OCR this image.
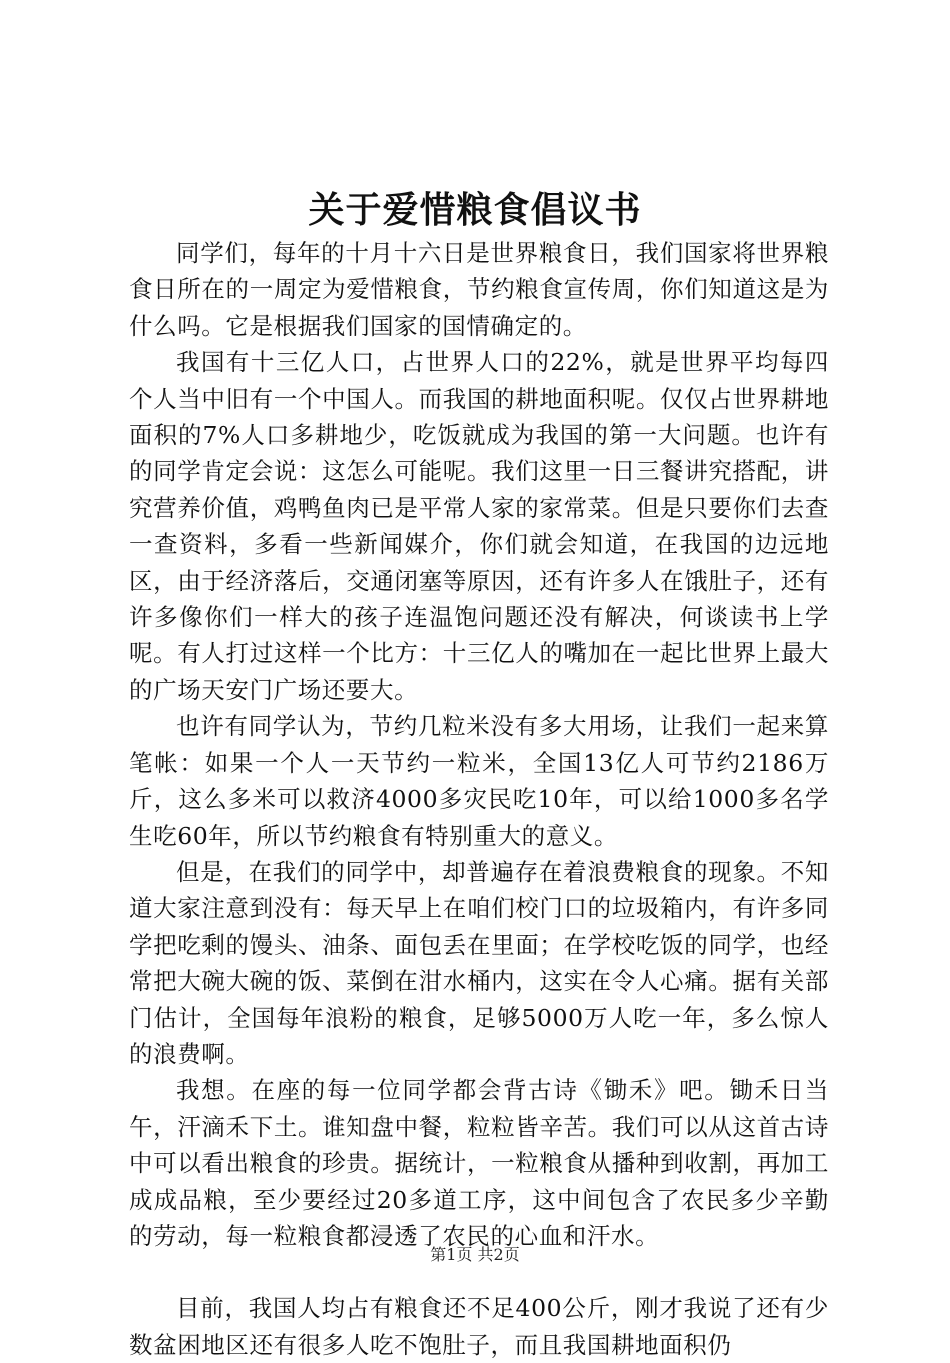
关于爱惜粮食倡议书

同学们，每年的十月十六日是世界粮食日，我们国家将世界粮食日所在的一周定为爱惜粮食，节约粮食宣传周，你们知道这是为什么吗。它是根据我们国家的国情确定的。

我国有十三亿人口，占世界人口的22%，就是世界平均每四个人当中旧有一个中国人。而我国的耕地面积呢。仅仅占世界耕地面积的7%人口多耕地少，吃饭就成为我国的第一大问题。也许有的同学肯定会说：这怎么可能呢。我们这里一日三餐讲究搭配，讲究营养价值，鸡鸭鱼肉已是平常人家的家常菜。但是只要你们去查一查资料，多看一些新闻媒介，你们就会知道，在我国的边远地区，由于经济落后，交通闭塞等原因，还有许多人在饿肚子，还有许多像你们一样大的孩子连温饱问题还没有解决，何谈读书上学呢。有人打过这样一个比方：十三亿人的嘴加在一起比世界上最大的广场天安门广场还要大。

也许有同学认为，节约几粒米没有多大用场，让我们一起来算笔帐：如果一个人一天节约一粒米，全国13亿人可节约2186万斤，这么多米可以救济4000多灾民吃10年，可以给1000多名学生吃60年，所以节约粮食有特别重大的意义。

但是，在我们的同学中，却普遍存在着浪费粮食的现象。不知道大家注意到没有：每天早上在咱们校门口的垃圾箱内，有许多同学把吃剩的馒头、油条、面包丢在里面；在学校吃饭的同学，也经常把大碗大碗的饭、菜倒在泔水桶内，这实在令人心痛。据有关部门估计，全国每年浪粉的粮食，足够5000万人吃一年，多么惊人的浪费啊。

我想。在座的每一位同学都会背古诗《锄禾》吧。锄禾日当午，汗滴禾下土。谁知盘中餐，粒粒皆辛苦。我们可以从这首古诗中可以看出粮食的珍贵。据统计，一粒粮食从播种到收割，再加工成成品粮，至少要经过20多道工序，这中间包含了农民多少辛勤的劳动，每一粒粮食都浸透了农民的心血和汗水。

目前，我国人均占有粮食还不足400公斤，刚才我说了还有少数盆困地区还有很多人吃不饱肚子，而且我国耕地面积仍

第1页 共2页
